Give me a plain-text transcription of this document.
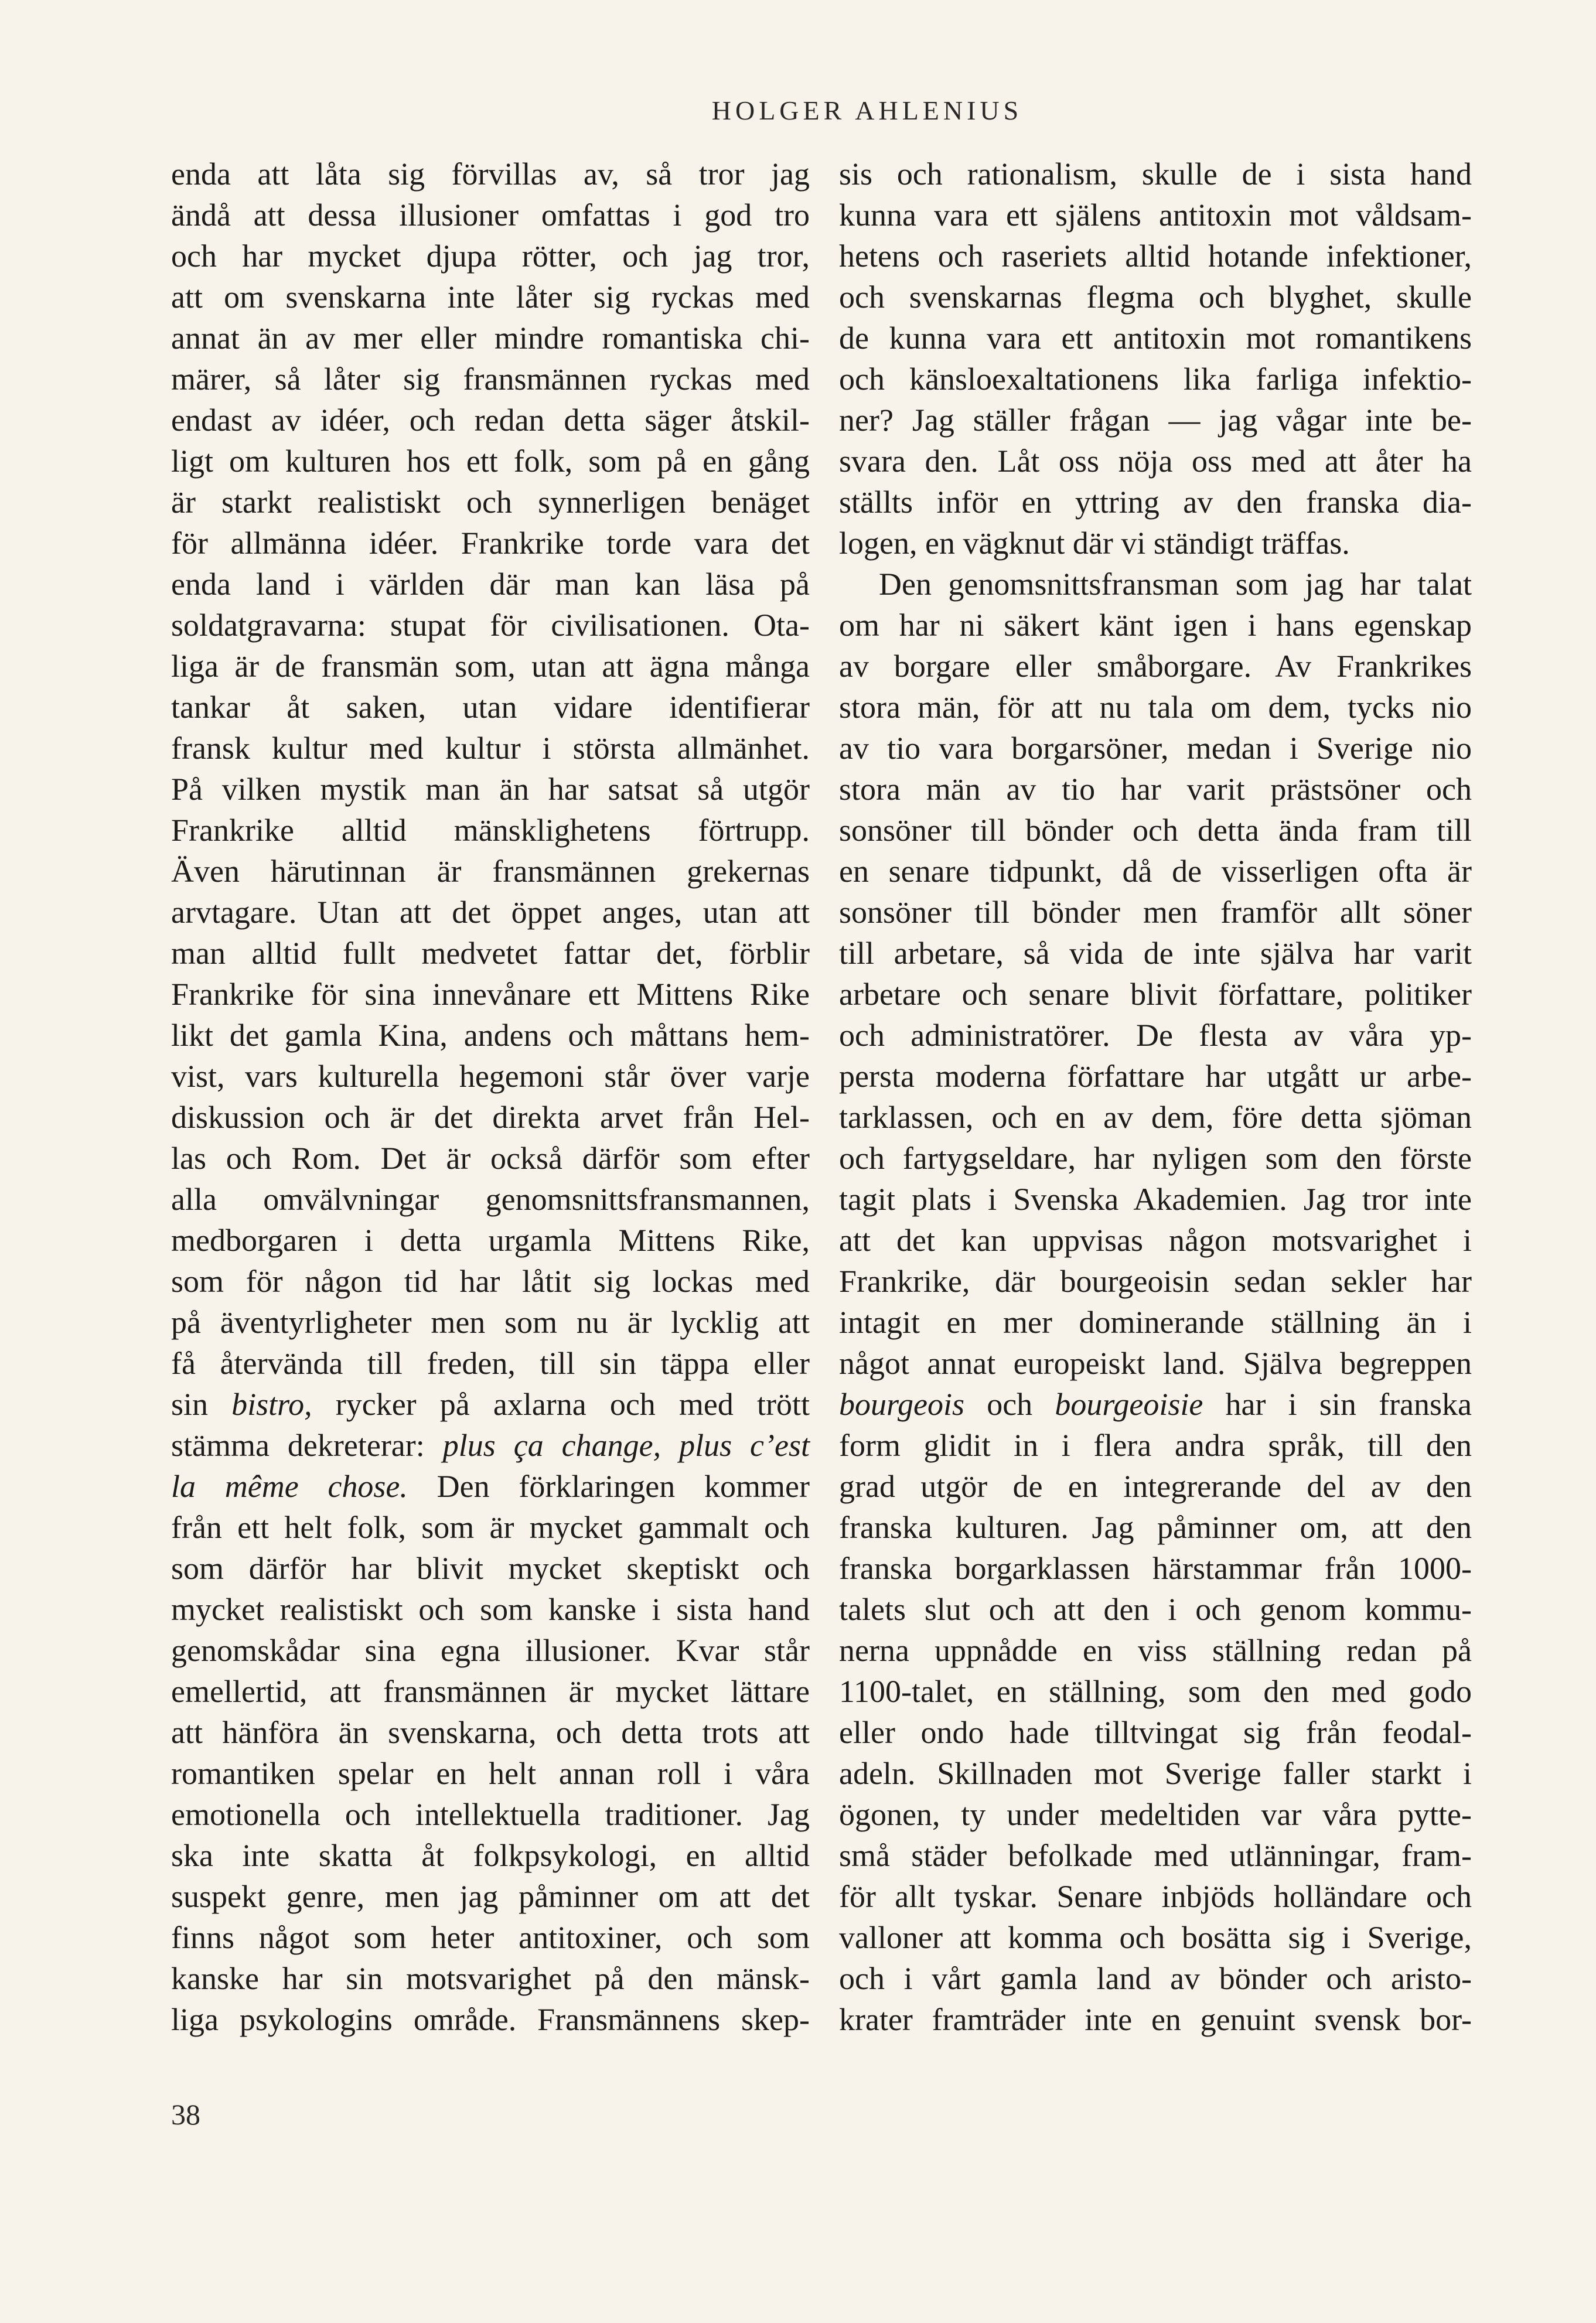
HOLGER AHLENIUS
enda att låta sig förvillas av, så tror jag
ändå att dessa illusioner omfattas i god tro
och har mycket djupa rötter, och jag tror,
att om svenskarna inte låter sig ryckas med
annat än av mer eller mindre romantiska chi-
märer, så låter sig fransmännen ryckas med
endast av idéer, och redan detta säger åtskil-
ligt om kulturen hos ett folk, som på en gång
är starkt realistiskt och synnerligen benäget
för allmänna idéer. Frankrike torde vara det
enda land i världen där man kan läsa på
soldatgravarna: stupat för civilisationen. Ota-
liga är de fransmän som, utan att ägna många
tankar åt saken, utan vidare identifierar
fransk kultur med kultur i största allmänhet.
På vilken mystik man än har satsat så utgör
Frankrike alltid mänsklighetens förtrupp.
Även härutinnan är fransmännen grekernas
arvtagare. Utan att det öppet anges, utan att
man alltid fullt medvetet fattar det, förblir
Frankrike för sina innevånare ett Mittens Rike
likt det gamla Kina, andens och måttans hem-
vist, vars kulturella hegemoni står över varje
diskussion och är det direkta arvet från Hel-
las och Rom. Det är också därför som efter
alla omvälvningar genomsnittsfransmannen,
medborgaren i detta urgamla Mittens Rike,
som för någon tid har låtit sig lockas med
på äventyrligheter men som nu är lycklig att
få återvända till freden, till sin täppa eller
sin bistro, rycker på axlarna och med trött
stämma dekreterar: plus ça change, plus c’est
la même chose. Den förklaringen kommer
från ett helt folk, som är mycket gammalt och
som därför har blivit mycket skeptiskt och
mycket realistiskt och som kanske i sista hand
genomskådar sina egna illusioner. Kvar står
emellertid, att fransmännen är mycket lättare
att hänföra än svenskarna, och detta trots att
romantiken spelar en helt annan roll i våra
emotionella och intellektuella traditioner. Jag
ska inte skatta åt folkpsykologi, en alltid
suspekt genre, men jag påminner om att det
finns något som heter antitoxiner, och som
kanske har sin motsvarighet på den mänsk-
liga psykologins område. Fransmännens skep-
sis och rationalism, skulle de i sista hand
kunna vara ett själens antitoxin mot våldsam-
hetens och raseriets alltid hotande infektioner,
och svenskarnas flegma och blyghet, skulle
de kunna vara ett antitoxin mot romantikens
och känsloexaltationens lika farliga infektio-
ner? Jag ställer frågan — jag vågar inte be-
svara den. Låt oss nöja oss med att åter ha
ställts inför en yttring av den franska dia-
logen, en vägknut där vi ständigt träffas.
Den genomsnittsfransman som jag har talat
om har ni säkert känt igen i hans egenskap
av borgare eller småborgare. Av Frankrikes
stora män, för att nu tala om dem, tycks nio
av tio vara borgarsöner, medan i Sverige nio
stora män av tio har varit prästsöner och
sonsöner till bönder och detta ända fram till
en senare tidpunkt, då de visserligen ofta är
sonsöner till bönder men framför allt söner
till arbetare, så vida de inte själva har varit
arbetare och senare blivit författare, politiker
och administratörer. De flesta av våra yp-
persta moderna författare har utgått ur arbe-
tarklassen, och en av dem, före detta sjöman
och fartygseldare, har nyligen som den förste
tagit plats i Svenska Akademien. Jag tror inte
att det kan uppvisas någon motsvarighet i
Frankrike, där bourgeoisin sedan sekler har
intagit en mer dominerande ställning än i
något annat europeiskt land. Själva begreppen
bourgeois och bourgeoisie har i sin franska
form glidit in i flera andra språk, till den
grad utgör de en integrerande del av den
franska kulturen. Jag påminner om, att den
franska borgarklassen härstammar från 1000-
talets slut och att den i och genom kommu-
nerna uppnådde en viss ställning redan på
1100-talet, en ställning, som den med godo
eller ondo hade tilltvingat sig från feodal-
adeln. Skillnaden mot Sverige faller starkt i
ögonen, ty under medeltiden var våra pytte-
små städer befolkade med utlänningar, fram-
för allt tyskar. Senare inbjöds holländare och
valloner att komma och bosätta sig i Sverige,
och i vårt gamla land av bönder och aristo-
krater framträder inte en genuint svensk bor-
38
